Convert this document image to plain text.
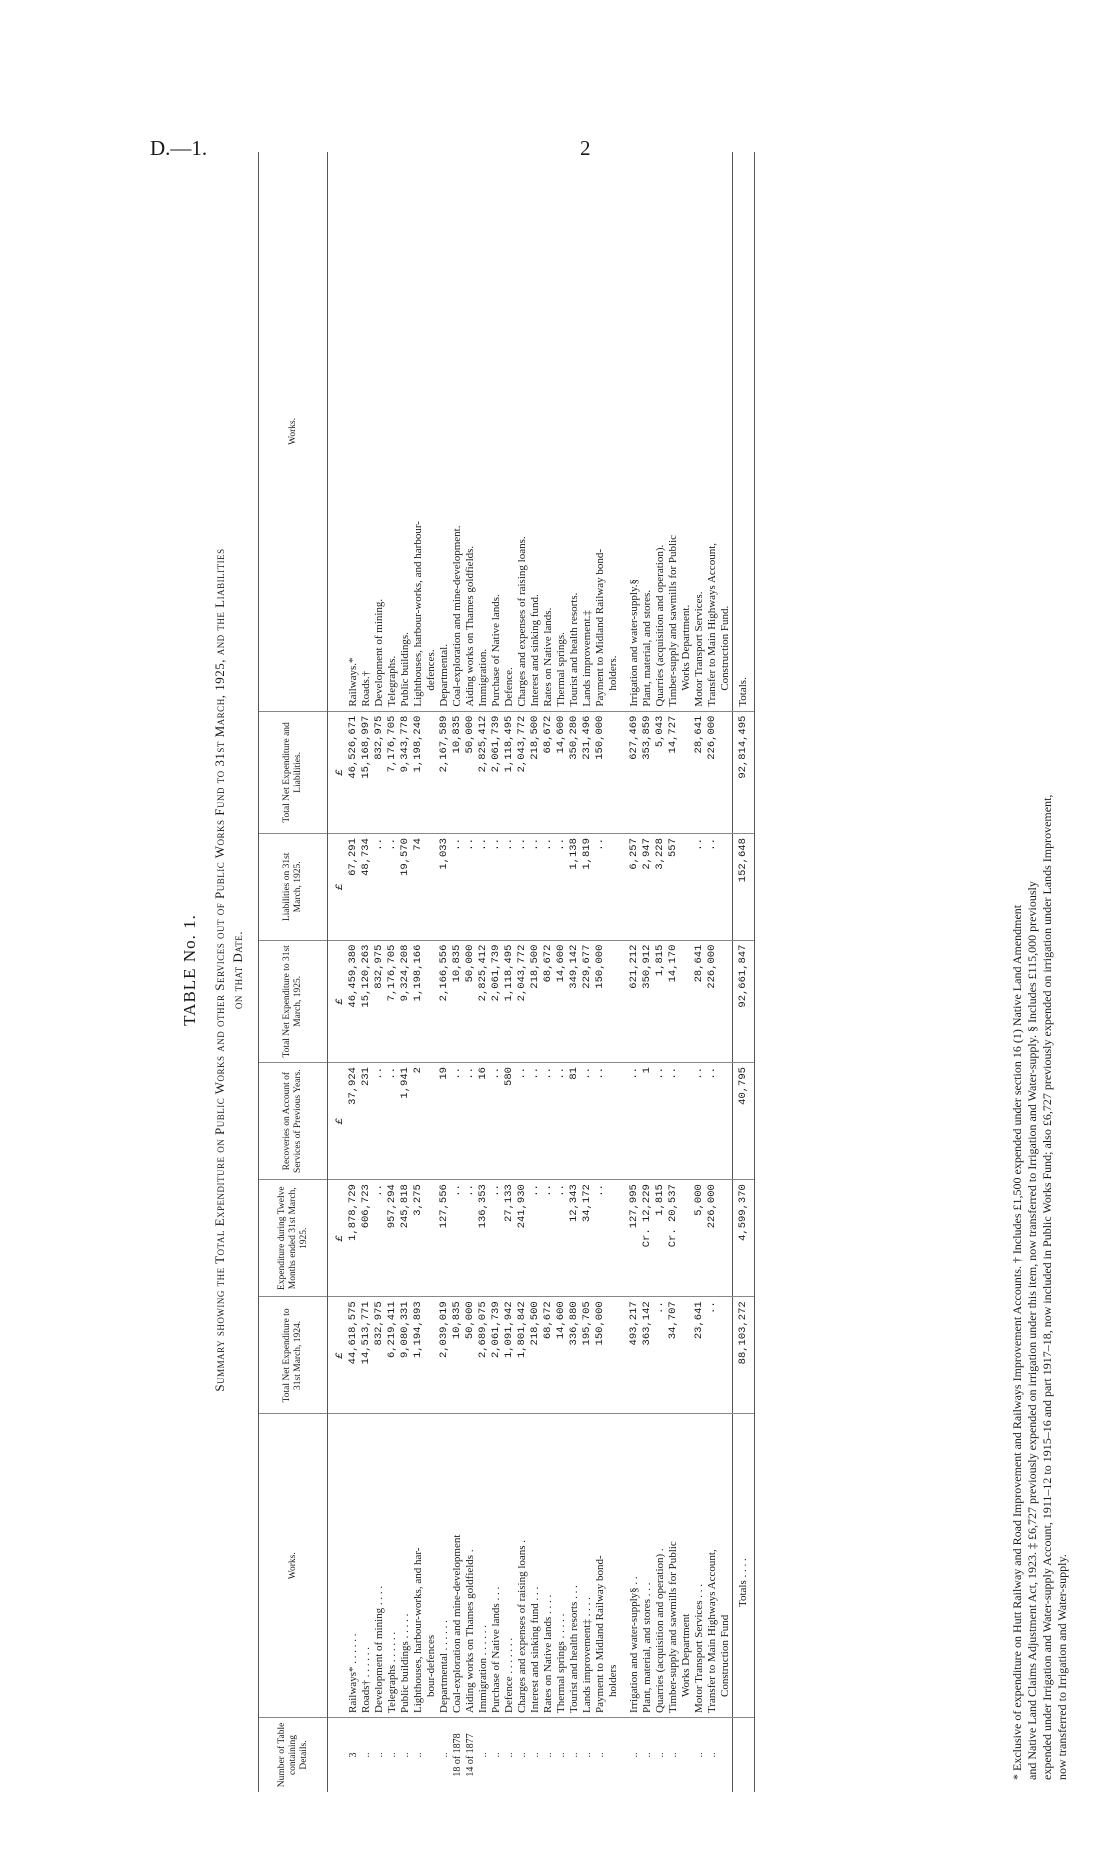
D.—1.	2
TABLE No. 1. Summary showing the Total Expenditure on Public Works and other Services out of Public Works Fund to 31st March, 1925, and the Liabilities on that Date.
Number of Table containing Details.	Works.	Total Net Expenditure to 31st March, 1924.	Expenditure during Twelve Months ended 31st March, 1925.	Recoveries on Account of Services of Previous Years.	Total Net Expenditure to 31st March, 1925.	Liabilities on 31st March, 1925.	Total Net Expenditure and Liabilities.	Works.
		£	£	£	£	£	£	
3	Railways* . . . . . .	44,618,575	1,878,729	37,924	46,459,380	67,291	46,526,671	Railways.*
..	Roads† . . . . . .	14,513,771	606,723	231	15,120,263	48,734	15,168,997	Roads.†
..	Development of mining . . . .	832,975	..	..	832,975	..	832,975	Development of mining.
..	Telegraphs . . . . . .	6,219,411	957,294	..	7,176,705	..	7,176,705	Telegraphs.
..	Public buildings . . . . .	9,080,331	245,818	1,941	9,324,208	19,570	9,343,778	Public buildings.
..	Lighthouses, harbour-works, and har-	1,194,893	3,275	2	1,198,166	74	1,198,240	Lighthouses, harbour-works, and harbour-
	bour-defences							defences.
..	Departmental . . . . . .	2,039,019	127,556	19	2,166,556	1,033	2,167,589	Departmental.
18 of 1878	Coal-exploration and mine-development	10,835	..	..	10,835	..	10,835	Coal-exploration and mine-development.
14 of 1877	Aiding works on Thames goldfields .	50,000	..	..	50,000	..	50,000	Aiding works on Thames goldfields.
..	Immigration . . . . . .	2,689,075	136,353	16	2,825,412	..	2,825,412	Immigration.
..	Purchase of Native lands . . .	2,061,739	..	..	2,061,739	..	2,061,739	Purchase of Native lands.
..	Defence . . . . . . .	1,091,942	27,133	580	1,118,495	..	1,118,495	Defence.
..	Charges and expenses of raising loans .	1,801,842	241,930	..	2,043,772	..	2,043,772	Charges and expenses of raising loans.
..	Interest and sinking fund . . .	218,500	..	..	218,500	..	218,500	Interest and sinking fund.
..	Rates on Native lands . . . .	68,672	..	..	68,672	..	68,672	Rates on Native lands.
..	Thermal springs . . . . .	14,600	..	..	14,600	..	14,600	Thermal springs.
..	Tourist and health resorts . . .	336,880	12,343	81	349,142	1,138	350,280	Tourist and health resorts.
..	Lands improvement‡ . . . .	195,705	34,172	..	229,677	1,819	231,496	Lands improvement.‡
..	Payment to Midland Railway bond-	150,000	..	..	150,000	..	150,000	Payment to Midland Railway bond-
	holders							holders.

..	Irrigation and water-supply§ . .	493,217	127,995	..	621,212	6,257	627,469	Irrigation and water-supply.§
..	Plant, material, and stores . . .	363,142	Cr. 12,229	1	350,912	2,947	353,859	Plant, material, and stores.
..	Quarries (acquisition and operation) .	..	1,815	..	1,815	3,228	5,043	Quarries (acquisition and operation).
..	Timber-supply and sawmills for Public	34,707	Cr. 20,537	..	14,170	557	14,727	Timber-supply and sawmills for Public
	Works Department							Works Department.
..	Motor Transport Services . . .	23,641	5,000	..	28,641	..	28,641	Motor Transport Services.
..	Transfer to Main Highways Account,	..	226,000	..	226,000	..	226,000	Transfer to Main Highways Account,
	Construction Fund							Construction Fund.
	Totals . . . .	88,103,272	4,599,370	40,795	92,661,847	152,648	92,814,495	Totals.

* Exclusive of expenditure on Hutt Railway and Road Improvement and Railways Improvement Accounts. † Includes £1,500 expended under section 16 (1) Native Land Amendment and Native Land Claims Adjustment Act, 1923. ‡ £6,727 previously expended on irrigation under this item, now transferred to Irrigation and Water-supply. § Includes £115,000 previously expended under Irrigation and Water-supply Account, 1911–12 to 1915–16 and part 1917–18, now included in Public Works Fund; also £6,727 previously expended on irrigation under Lands Improvement, now transferred to Irrigation and Water-supply.
